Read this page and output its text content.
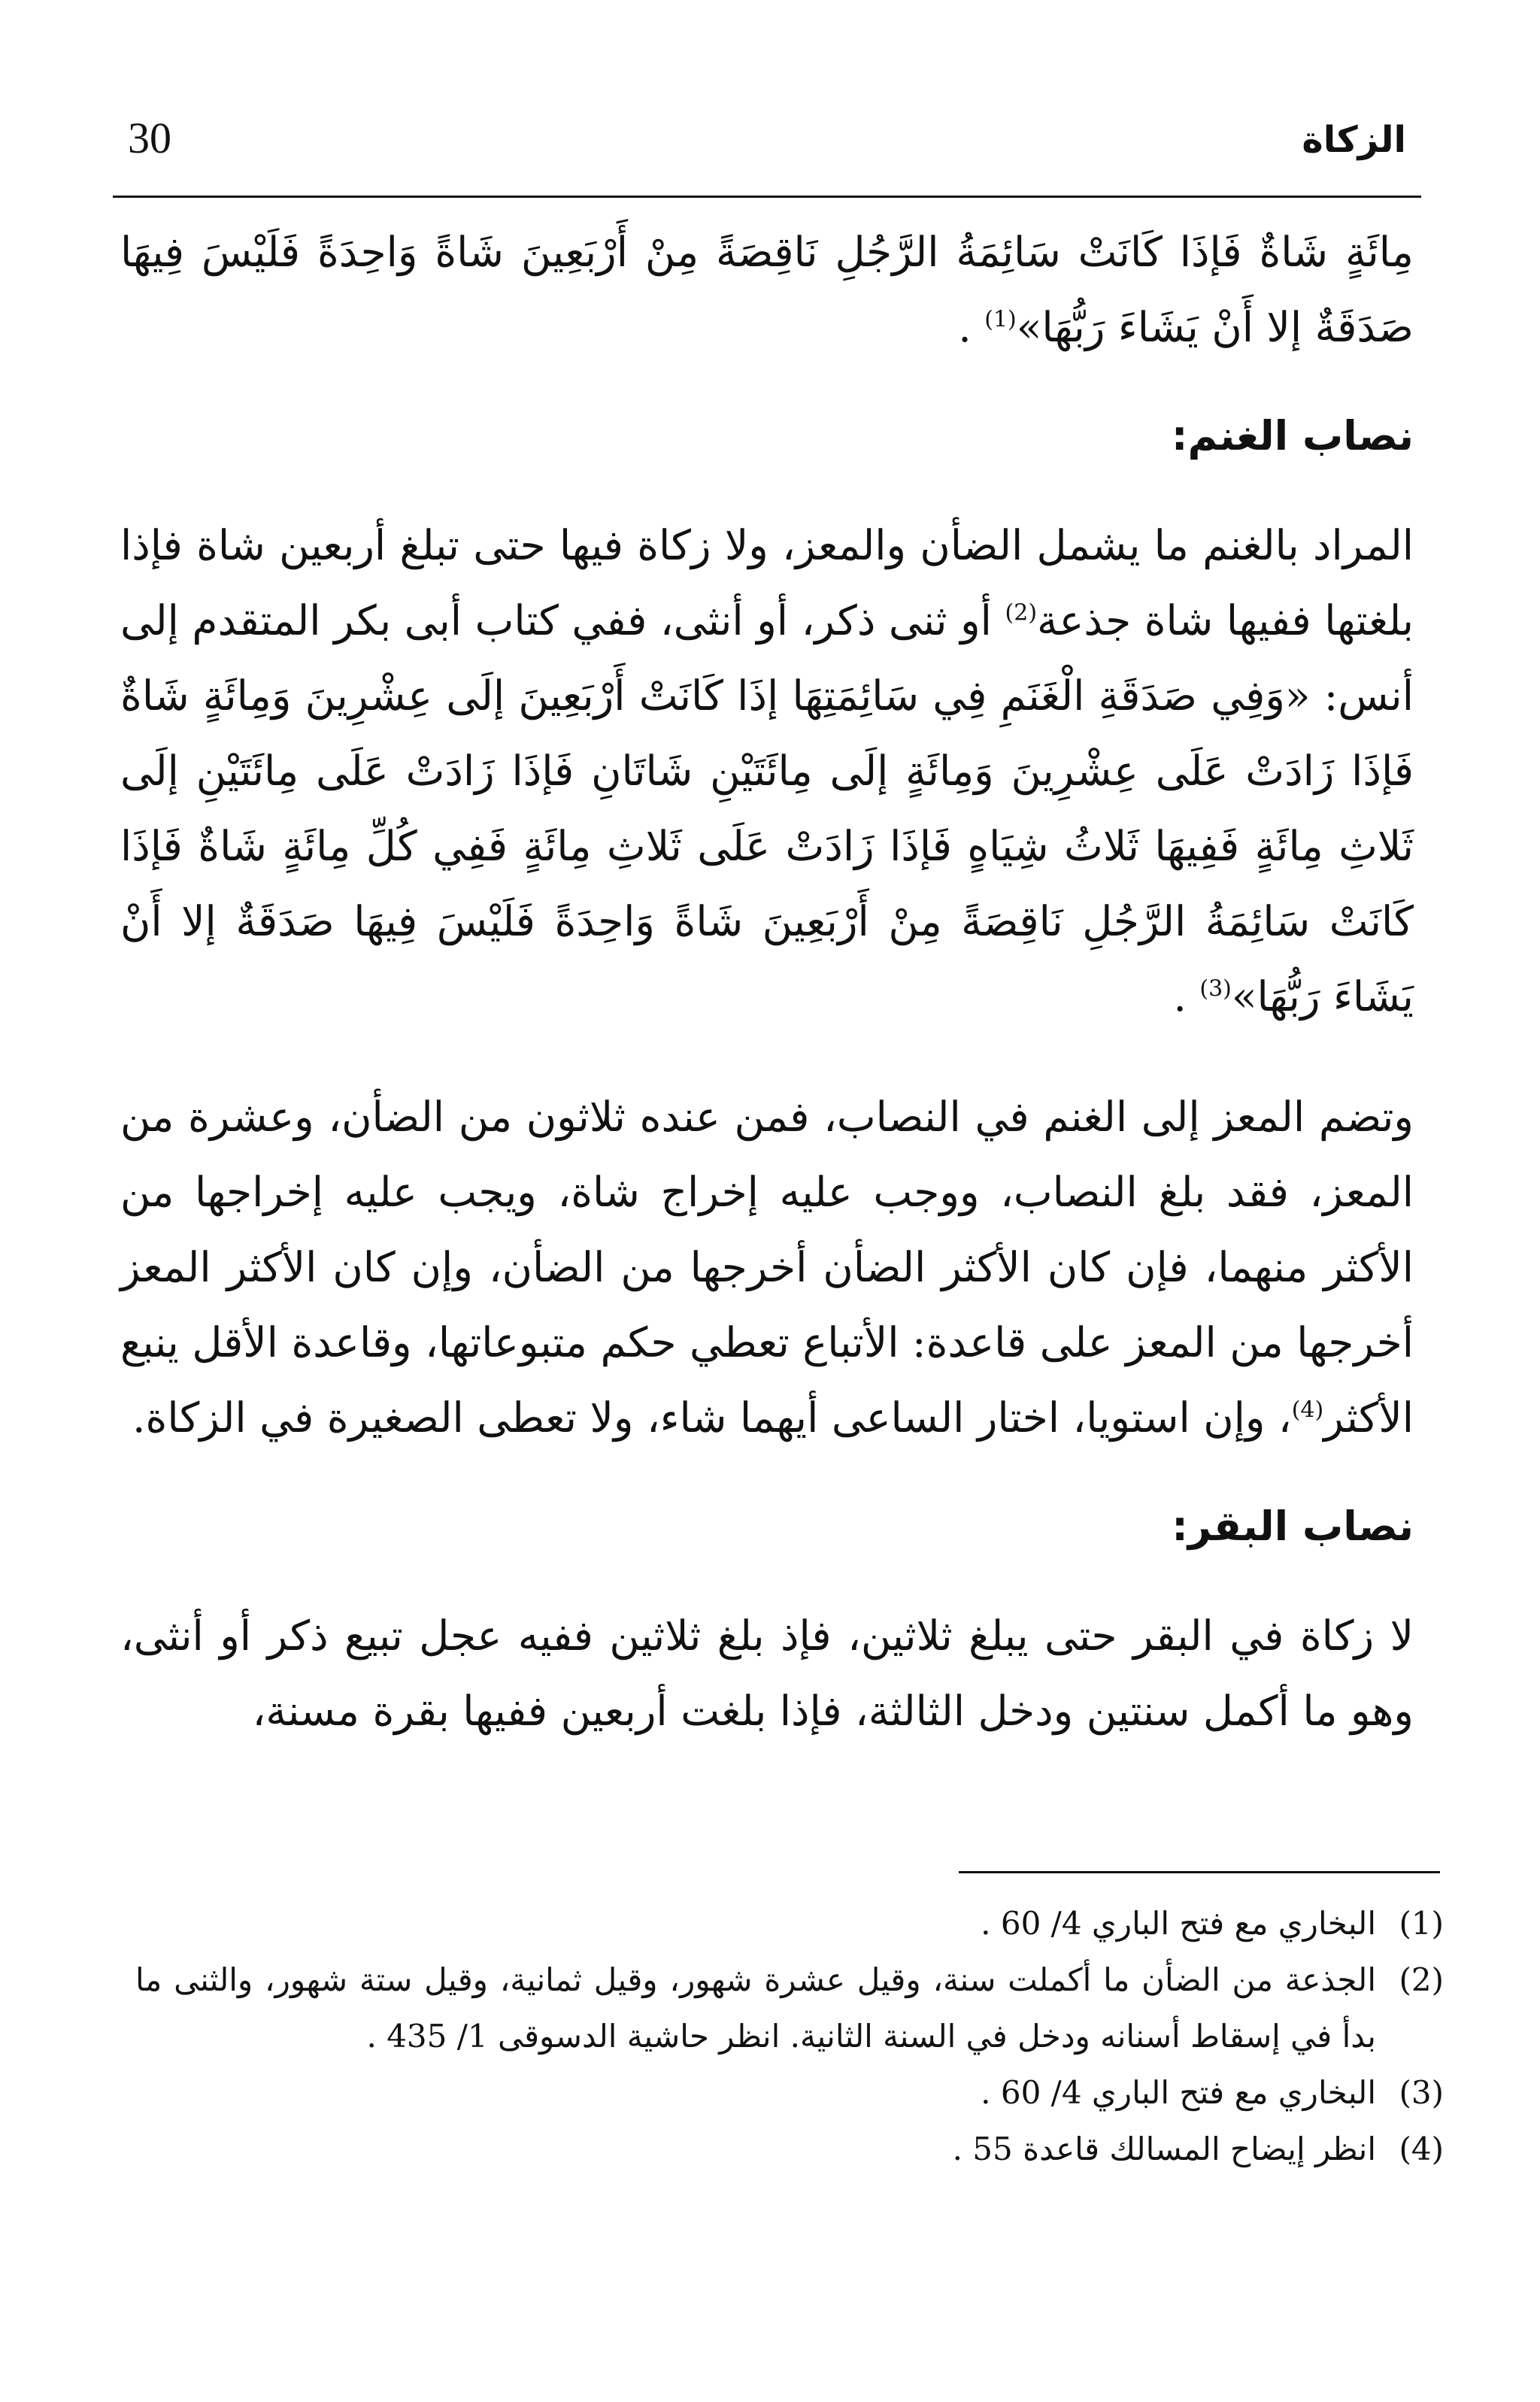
30	الزكاة

مِائَةٍ شَاةٌ فَإذَا كَانَتْ سَائِمَةُ الرَّجُلِ نَاقِصَةً مِنْ أَرْبَعِينَ شَاةً وَاحِدَةً فَلَيْسَ فِيهَا صَدَقَةٌ إلا أَنْ يَشَاءَ رَبُّهَا»$^{(1)}$ .

نصاب الغنم:

المراد بالغنم ما يشمل الضأن والمعز، ولا زكاة فيها حتى تبلغ أربعين شاة فإذا بلغتها ففيها شاة جذعة$^{(2)}$ أو ثنى ذكر، أو أنثى، ففي كتاب أبى بكر المتقدم إلى أنس: «وَفِي صَدَقَةِ الْغَنَمِ فِي سَائِمَتِهَا إذَا كَانَتْ أَرْبَعِينَ إلَى عِشْرِينَ وَمِائَةٍ شَاةٌ فَإذَا زَادَتْ عَلَى عِشْرِينَ وَمِائَةٍ إلَى مِائَتَيْنِ شَاتَانِ فَإذَا زَادَتْ عَلَى مِائَتَيْنِ إلَى ثَلاثِ مِائَةٍ فَفِيهَا ثَلاثُ شِيَاهٍ فَإذَا زَادَتْ عَلَى ثَلاثِ مِائَةٍ فَفِي كُلِّ مِائَةٍ شَاةٌ فَإذَا كَانَتْ سَائِمَةُ الرَّجُلِ نَاقِصَةً مِنْ أَرْبَعِينَ شَاةً وَاحِدَةً فَلَيْسَ فِيهَا صَدَقَةٌ إلا أَنْ يَشَاءَ رَبُّهَا»$^{(3)}$ .

وتضم المعز إلى الغنم في النصاب، فمن عنده ثلاثون من الضأن، وعشرة من المعز، فقد بلغ النصاب، ووجب عليه إخراج شاة، ويجب عليه إخراجها من الأكثر منهما، فإن كان الأكثر الضأن أخرجها من الضأن، وإن كان الأكثر المعز أخرجها من المعز على قاعدة: الأتباع تعطي حكم متبوعاتها، وقاعدة الأقل ينبع الأكثر$^{(4)}$، وإن استويا، اختار الساعى أيهما شاء، ولا تعطى الصغيرة في الزكاة.

نصاب البقر:

لا زكاة في البقر حتى يبلغ ثلاثين، فإذ بلغ ثلاثين ففيه عجل تبيع ذكر أو أنثى، وهو ما أكمل سنتين ودخل الثالثة، فإذا بلغت أربعين ففيها بقرة مسنة،

(1)
البخاري مع فتح الباري 4/ 60 .
(2)
الجذعة من الضأن ما أكملت سنة، وقيل عشرة شهور، وقيل ثمانية، وقيل ستة شهور، والثنى ما بدأ في إسقاط أسنانه ودخل في السنة الثانية. انظر حاشية الدسوقى 1/ 435 .
(3)
البخاري مع فتح الباري 4/ 60 .
(4)
انظر إيضاح المسالك قاعدة 55 .
